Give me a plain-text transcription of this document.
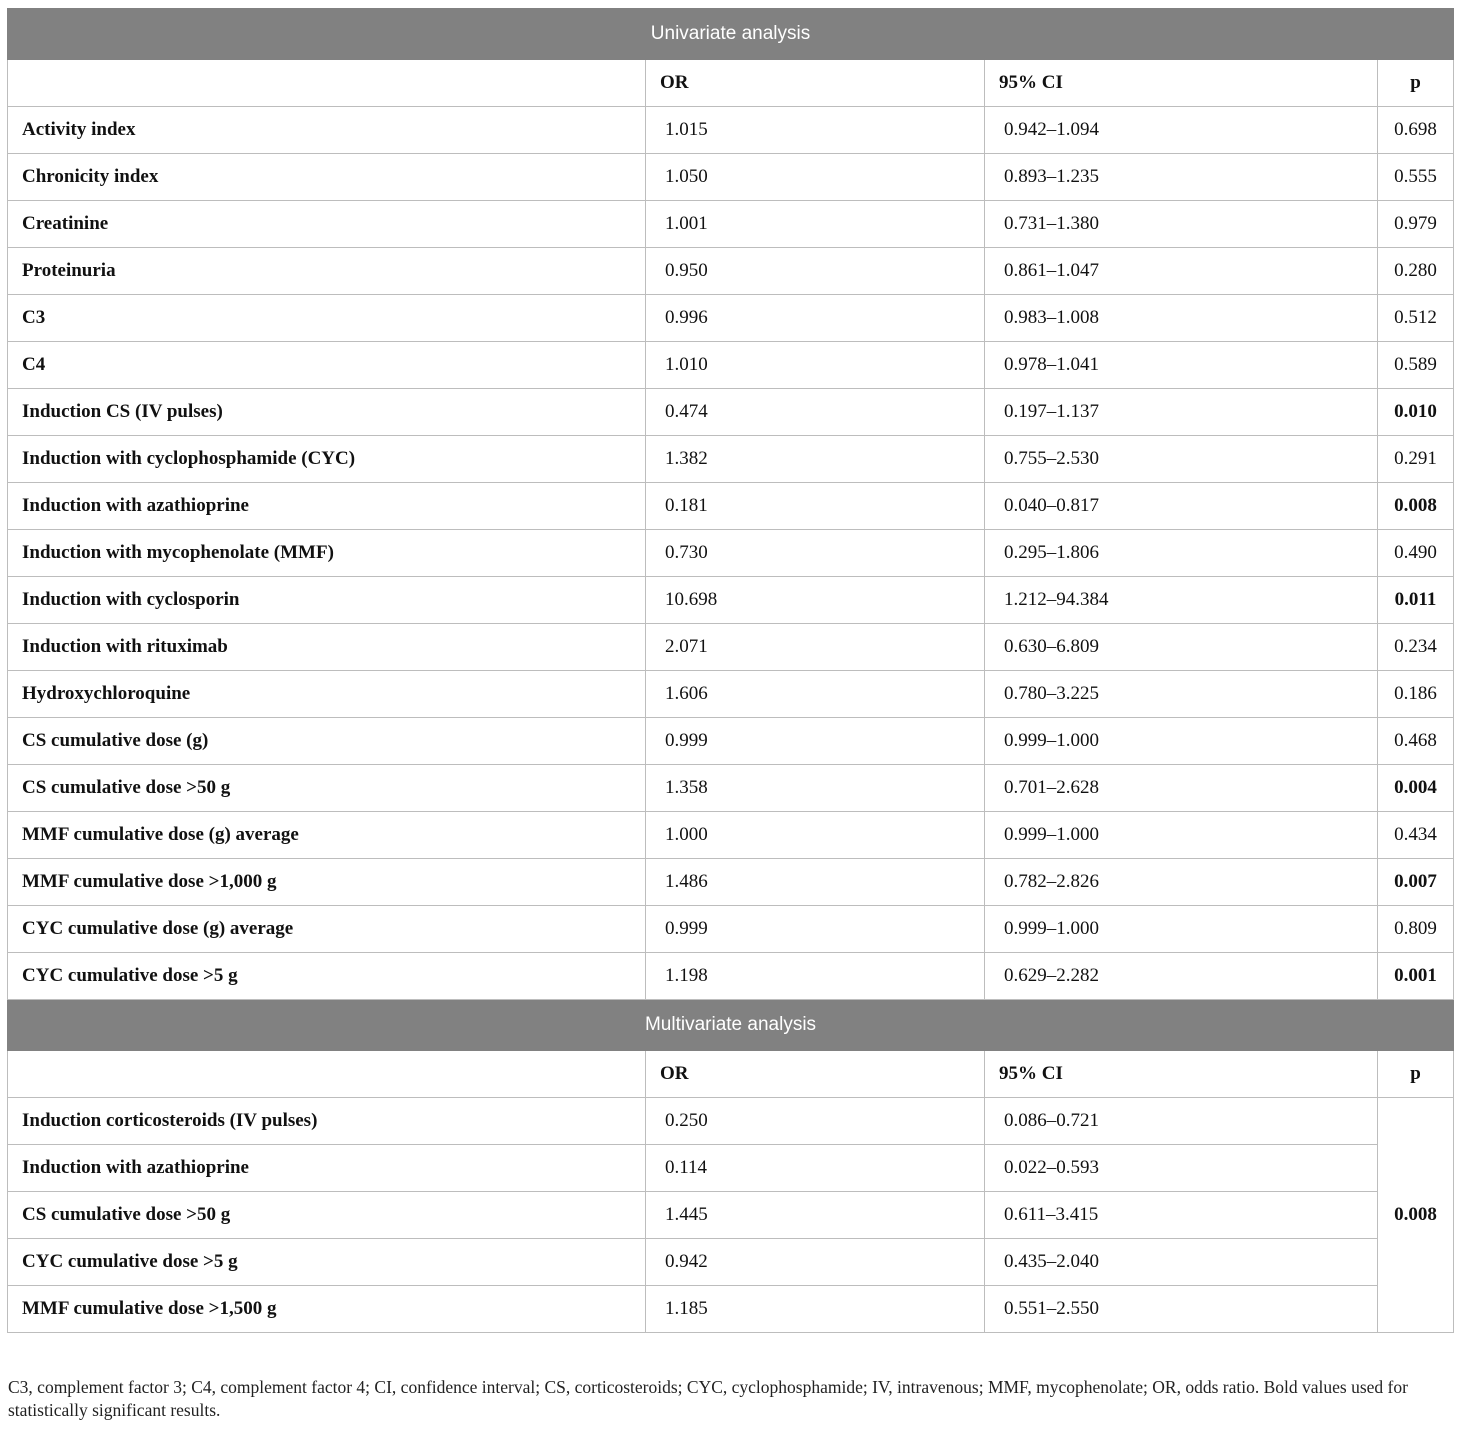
Univariate analysis			
	OR	95% CI	p
Activity index	1.015	0.942–1.094	0.698
Chronicity index	1.050	0.893–1.235	0.555
Creatinine	1.001	0.731–1.380	0.979
Proteinuria	0.950	0.861–1.047	0.280
C3	0.996	0.983–1.008	0.512
C4	1.010	0.978–1.041	0.589
Induction CS (IV pulses)	0.474	0.197–1.137	0.010
Induction with cyclophosphamide (CYC)	1.382	0.755–2.530	0.291
Induction with azathioprine	0.181	0.040–0.817	0.008
Induction with mycophenolate (MMF)	0.730	0.295–1.806	0.490
Induction with cyclosporin	10.698	1.212–94.384	0.011
Induction with rituximab	2.071	0.630–6.809	0.234
Hydroxychloroquine	1.606	0.780–3.225	0.186
CS cumulative dose (g)	0.999	0.999–1.000	0.468
CS cumulative dose >50 g	1.358	0.701–2.628	0.004
MMF cumulative dose (g) average	1.000	0.999–1.000	0.434
MMF cumulative dose >1,000 g	1.486	0.782–2.826	0.007
CYC cumulative dose (g) average	0.999	0.999–1.000	0.809
CYC cumulative dose >5 g	1.198	0.629–2.282	0.001
Multivariate analysis			
	OR	95% CI	p
Induction corticosteroids (IV pulses)	0.250	0.086–0.721	0.008
Induction with azathioprine	0.114	0.022–0.593	
CS cumulative dose >50 g	1.445	0.611–3.415	
CYC cumulative dose >5 g	0.942	0.435–2.040	
MMF cumulative dose >1,500 g	1.185	0.551–2.550	
C3, complement factor 3; C4, complement factor 4; CI, confidence interval; CS, corticosteroids; CYC, cyclophosphamide; IV, intravenous; MMF, mycophenolate; OR, odds ratio. Bold values used for statistically significant results.
